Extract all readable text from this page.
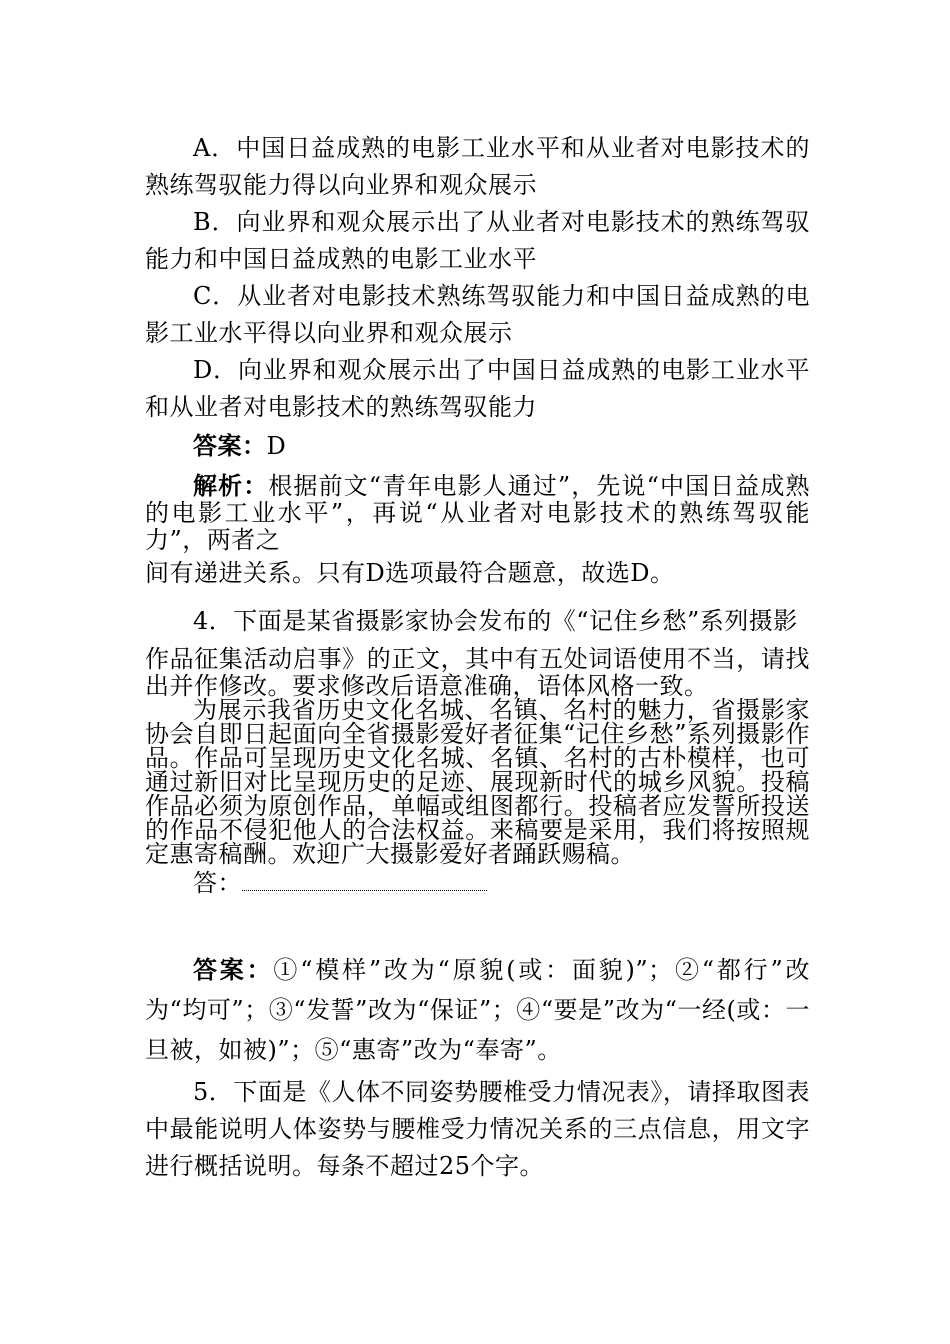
A．中国日益成熟的电影工业水平和从业者对电影技术的熟练驾驭能力得以向业界和观众展示

B．向业界和观众展示出了从业者对电影技术的熟练驾驭能力和中国日益成熟的电影工业水平

C．从业者对电影技术熟练驾驭能力和中国日益成熟的电影工业水平得以向业界和观众展示

D．向业界和观众展示出了中国日益成熟的电影工业水平和从业者对电影技术的熟练驾驭能力

答案：D

解析：根据前文“青年电影人通过”，先说“中国日益成熟的电影工业水平”，再说“从业者对电影技术的熟练驾驭能力”，两者之
间有递进关系。只有D选项最符合题意，故选D。

4．下面是某省摄影家协会发布的《“记住乡愁”系列摄影

作品征集活动启事》的正文，其中有五处词语使用不当，请找出并作修改。要求修改后语意准确，语体风格一致。

为展示我省历史文化名城、名镇、名村的魅力，省摄影家协会自即日起面向全省摄影爱好者征集“记住乡愁”系列摄影作品。作品可呈现历史文化名城、名镇、名村的古朴模样，也可通过新旧对比呈现历史的足迹、展现新时代的城乡风貌。投稿作品必须为原创作品，单幅或组图都行。投稿者应发誓所投送的作品不侵犯他人的合法权益。来稿要是采用，我们将按照规定惠寄稿酬。欢迎广大摄影爱好者踊跃赐稿。

答：

答案：①“模样”改为“原貌(或：面貌)”；②“都行”改为“均可”；③“发誓”改为“保证”；④“要是”改为“一经(或：一旦被，如被)”；⑤“惠寄”改为“奉寄”。

5．下面是《人体不同姿势腰椎受力情况表》，请择取图表中最能说明人体姿势与腰椎受力情况关系的三点信息，用文字进行概括说明。每条不超过25个字。
